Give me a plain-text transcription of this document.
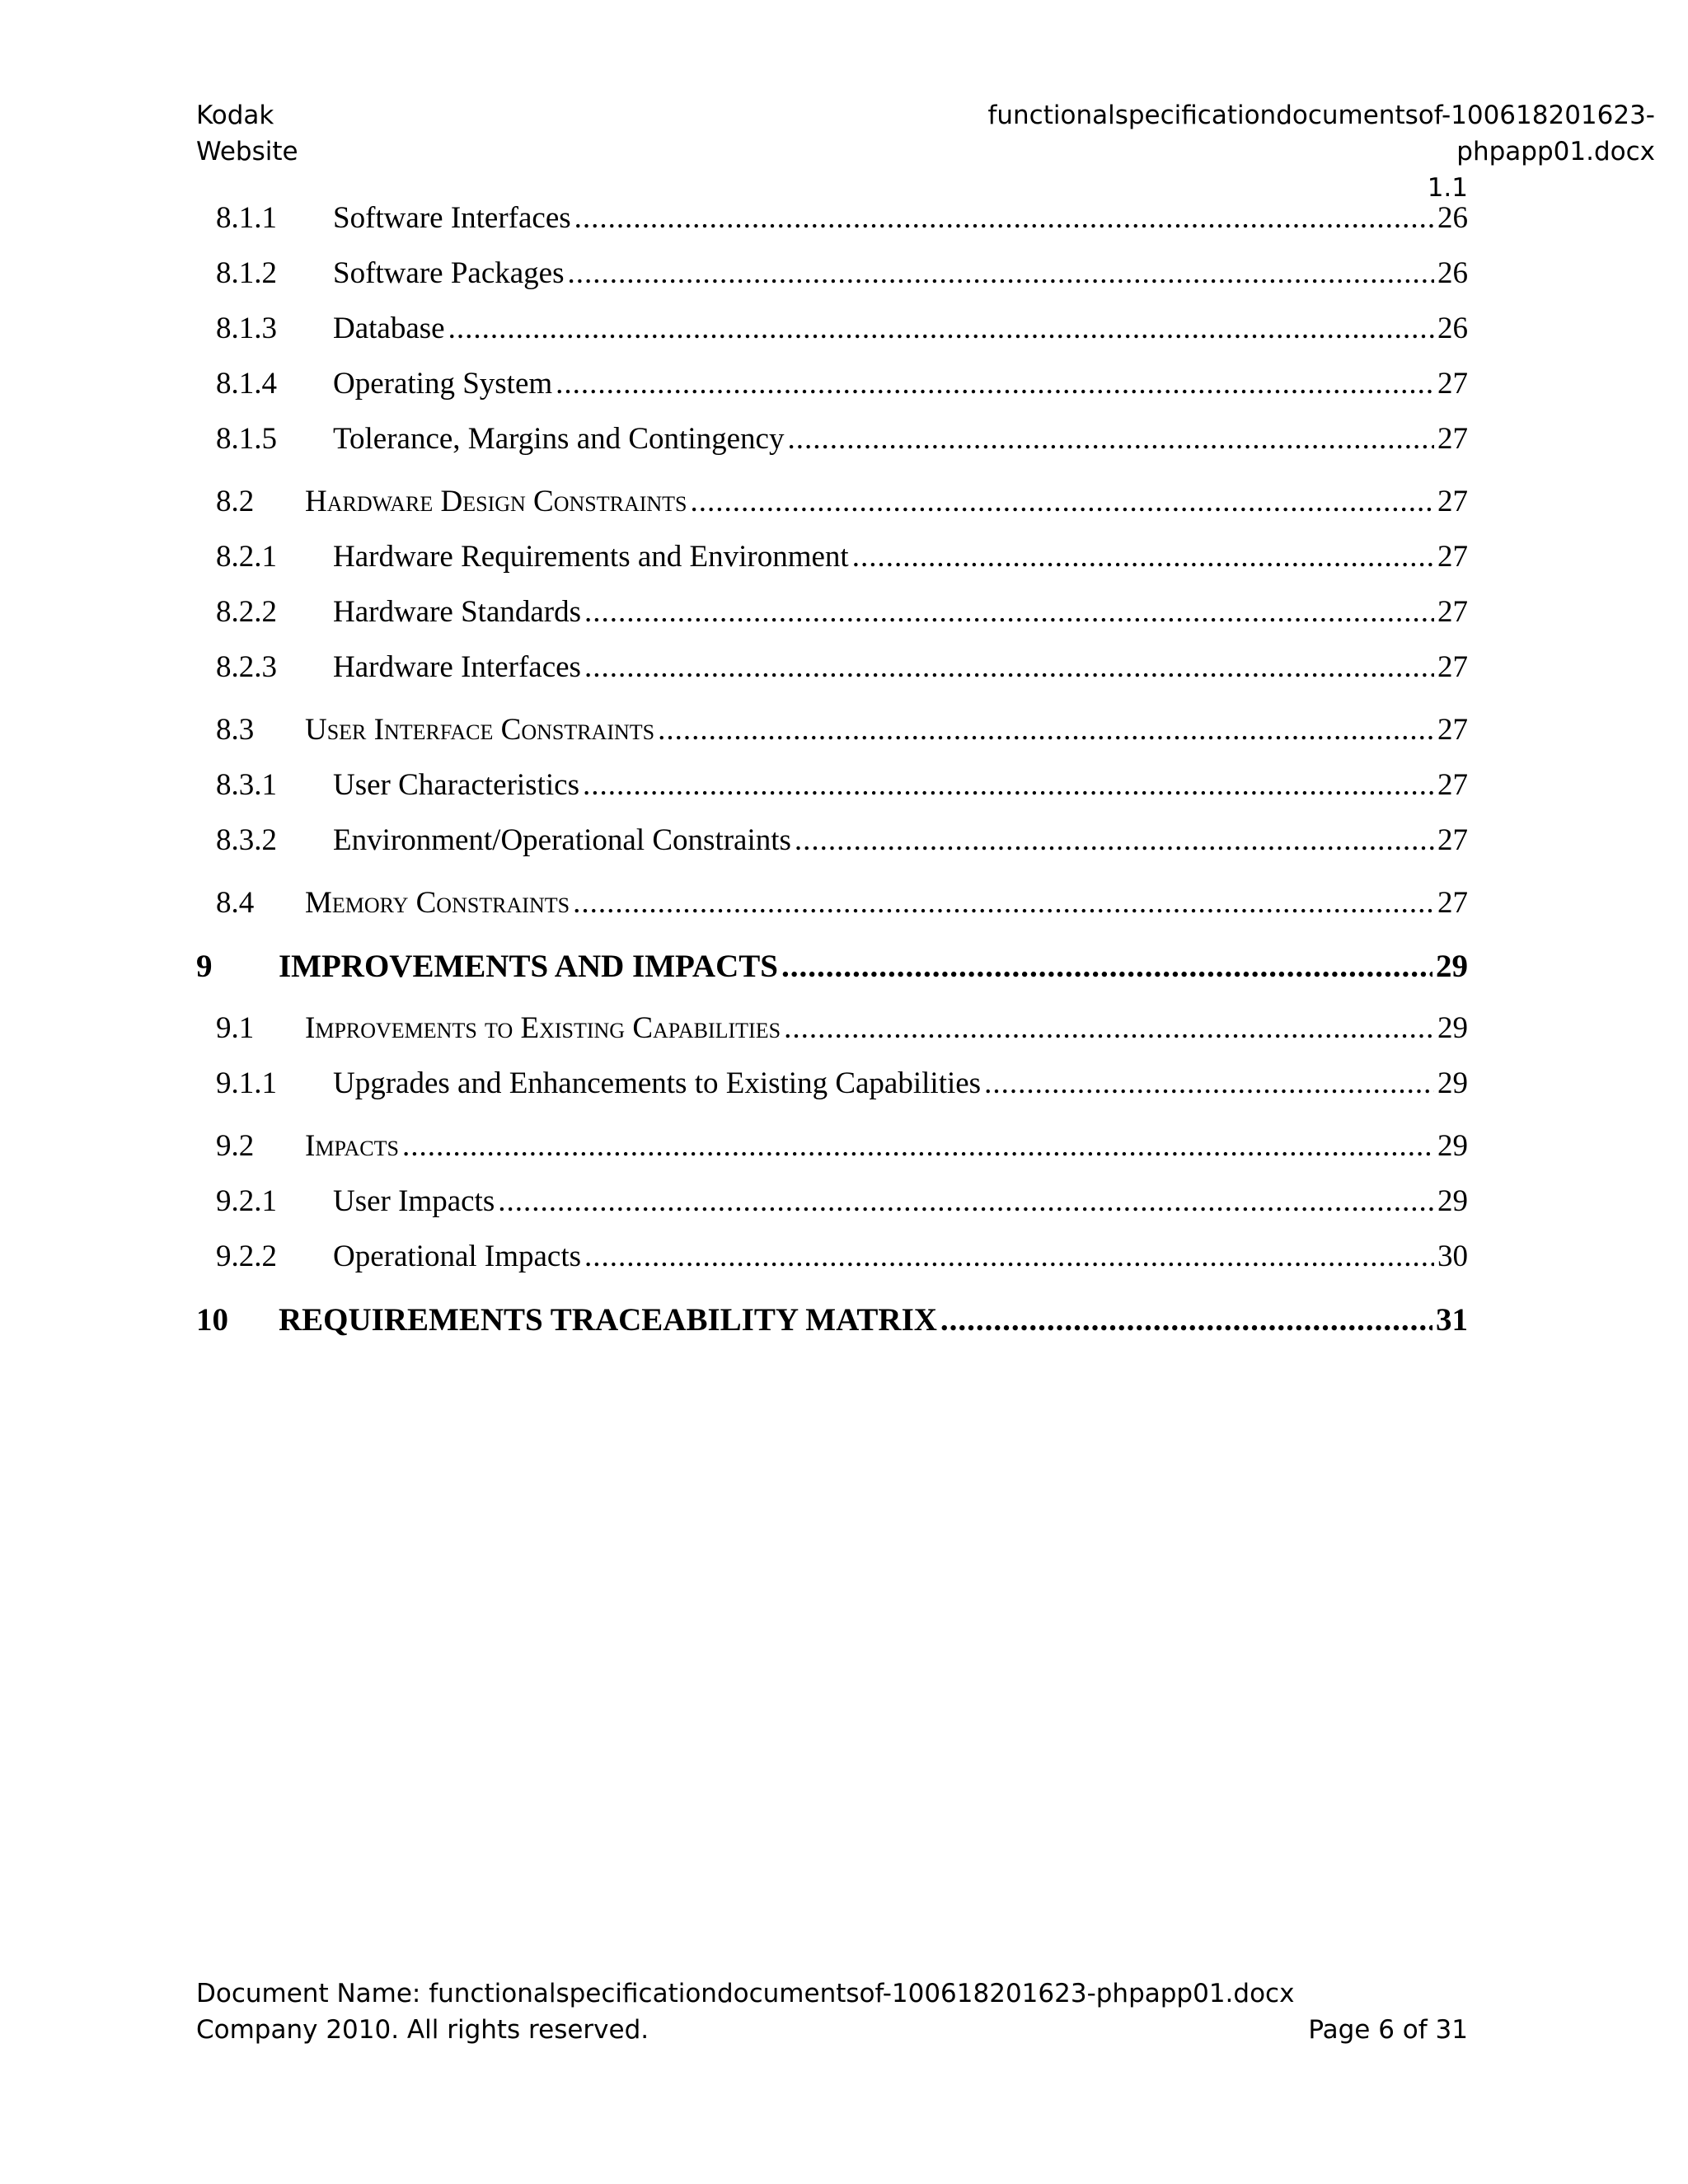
Kodak
Website
functionalspecificationdocumentsof-100618201623-phpapp01.docx
1.1
8.1.1	Software Interfaces .....	26
8.1.2	Software Packages .....	26
8.1.3	Database .....	26
8.1.4	Operating System .....	27
8.1.5	Tolerance, Margins and Contingency .....	27
8.2	Hardware Design Constraints .....	27
8.2.1	Hardware Requirements and Environment .....	27
8.2.2	Hardware Standards .....	27
8.2.3	Hardware Interfaces .....	27
8.3	User Interface Constraints .....	27
8.3.1	User Characteristics .....	27
8.3.2	Environment/Operational Constraints .....	27
8.4	Memory Constraints .....	27
9	IMPROVEMENTS AND IMPACTS .....	29
9.1	Improvements to Existing Capabilities .....	29
9.1.1	Upgrades and Enhancements to Existing Capabilities .....	29
9.2	Impacts .....	29
9.2.1	User Impacts .....	29
9.2.2	Operational Impacts .....	30
10	REQUIREMENTS TRACEABILITY MATRIX .....	31
Document Name: functionalspecificationdocumentsof-100618201623-phpapp01.docx
Company 2010. All rights reserved.	Page 6 of 31
